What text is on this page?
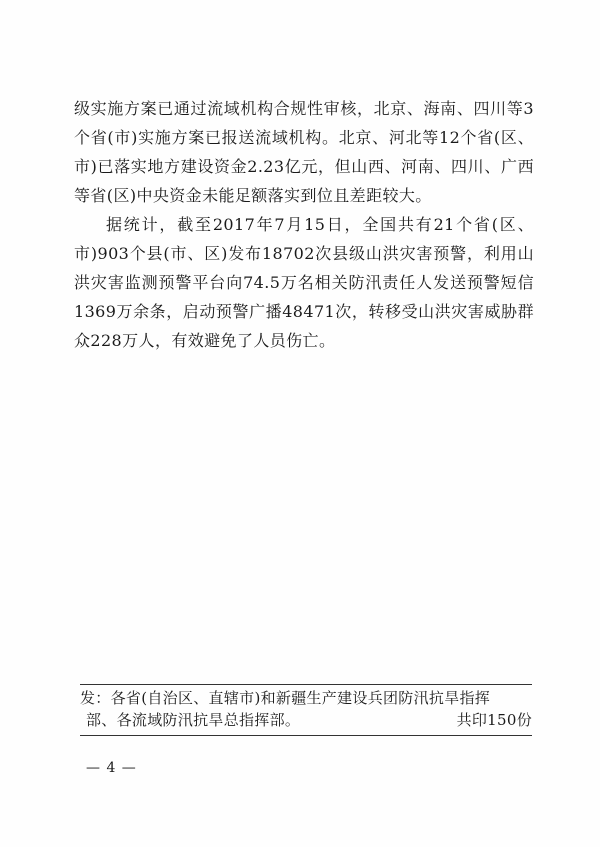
级实施方案已通过流域机构合规性审核，北京、海南、四川等3个省(市)实施方案已报送流域机构。北京、河北等12个省(区、市)已落实地方建设资金2.23亿元，但山西、河南、四川、广西等省(区)中央资金未能足额落实到位且差距较大。

据统计，截至2017年7月15日，全国共有21个省(区、市)903个县(市、区)发布18702次县级山洪灾害预警，利用山洪灾害监测预警平台向74.5万名相关防汛责任人发送预警短信1369万余条，启动预警广播48471次，转移受山洪灾害威胁群众228万人，有效避免了人员伤亡。

发：各省(自治区、直辖市)和新疆生产建设兵团防汛抗旱指挥
部、各流域防汛抗旱总指挥部。	共印150份
— 4 —
